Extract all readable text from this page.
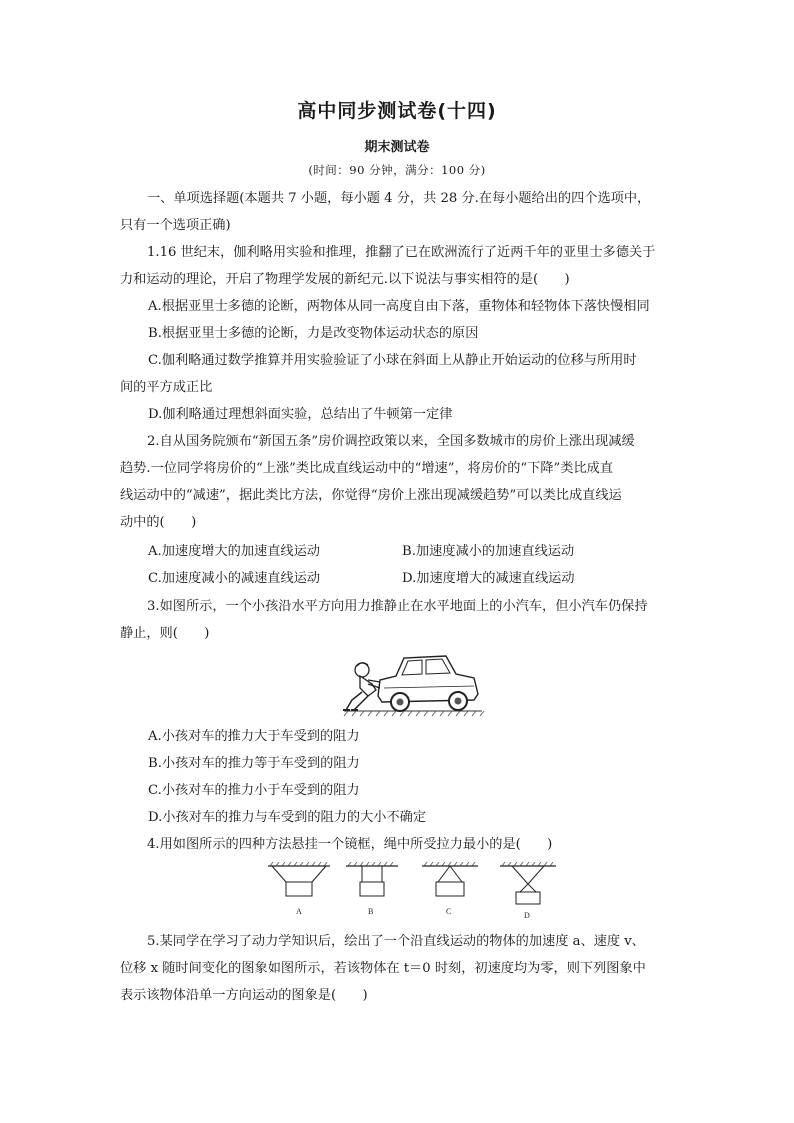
高中同步测试卷(十四)
期末测试卷
(时间：90 分钟，满分：100 分)
一、单项选择题(本题共 7 小题，每小题 4 分，共 28 分.在每小题给出的四个选项中，
只有一个选项正确)
1.16 世纪末，伽利略用实验和推理，推翻了已在欧洲流行了近两千年的亚里士多德关于
力和运动的理论，开启了物理学发展的新纪元.以下说法与事实相符的是(　　)
A.根据亚里士多德的论断，两物体从同一高度自由下落，重物体和轻物体下落快慢相同
B.根据亚里士多德的论断，力是改变物体运动状态的原因
C.伽利略通过数学推算并用实验验证了小球在斜面上从静止开始运动的位移与所用时
间的平方成正比
D.伽利略通过理想斜面实验，总结出了牛顿第一定律
2.自从国务院颁布“新国五条”房价调控政策以来，全国多数城市的房价上涨出现减缓
趋势.一位同学将房价的“上涨”类比成直线运动中的“增速”，将房价的“下降”类比成直
线运动中的“减速”，据此类比方法，你觉得“房价上涨出现减缓趋势”可以类比成直线运
动中的(　　)
A.加速度增大的加速直线运动	B.加速度减小的加速直线运动
C.加速度减小的减速直线运动	D.加速度增大的减速直线运动
3.如图所示，一个小孩沿水平方向用力推静止在水平地面上的小汽车，但小汽车仍保持
静止，则(　　)
A.小孩对车的推力大于车受到的阻力
B.小孩对车的推力等于车受到的阻力
C.小孩对车的推力小于车受到的阻力
D.小孩对车的推力与车受到的阻力的大小不确定
4.用如图所示的四种方法悬挂一个镜框，绳中所受拉力最小的是(　　)
A	B	C	D
5.某同学在学习了动力学知识后，绘出了一个沿直线运动的物体的加速度 a、速度 v、
位移 x 随时间变化的图象如图所示，若该物体在 t＝0 时刻，初速度均为零，则下列图象中
表示该物体沿单一方向运动的图象是(　　)
